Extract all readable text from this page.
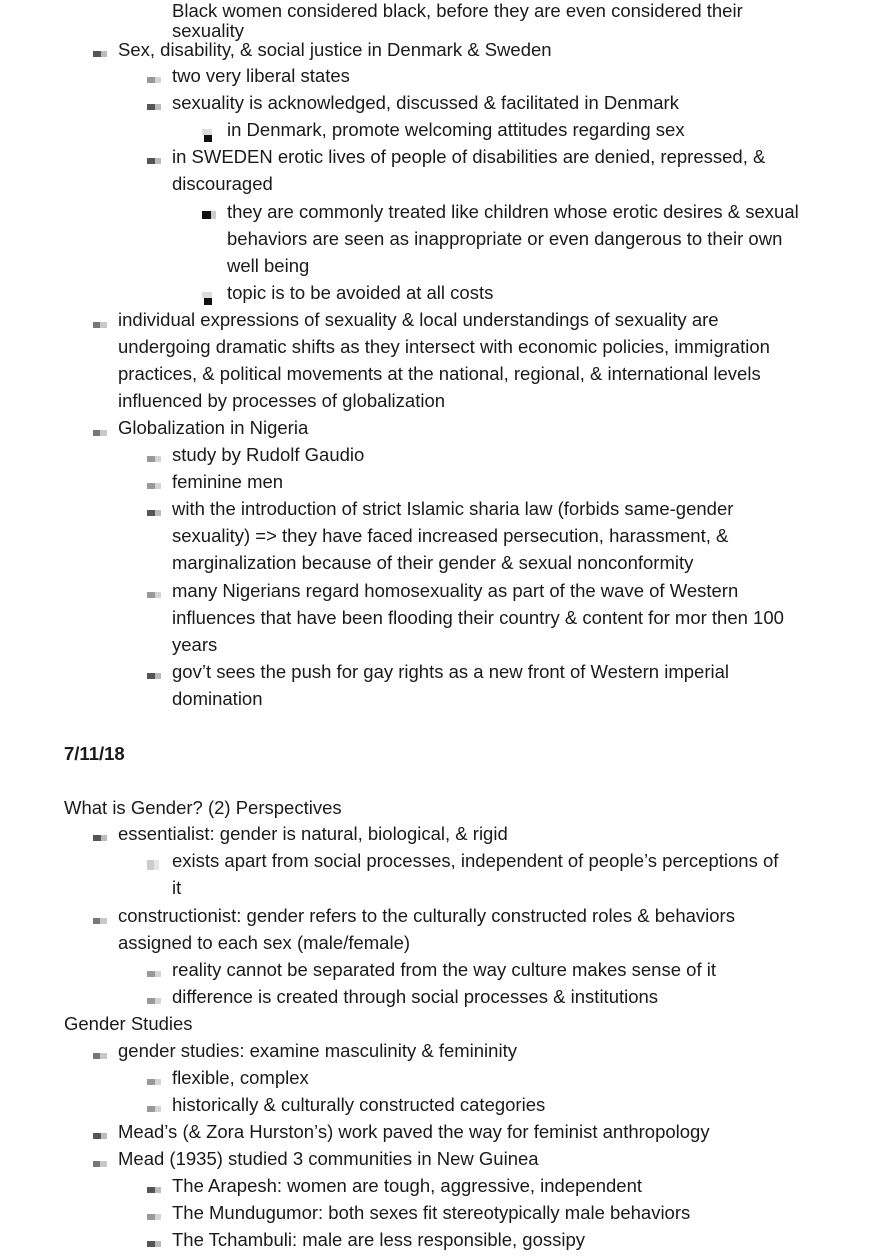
Black women considered black, before they are even considered their
sexuality
Sex, disability, & social justice in Denmark & Sweden
two very liberal states
sexuality is acknowledged, discussed & facilitated in Denmark
in Denmark, promote welcoming attitudes regarding sex
in SWEDEN erotic lives of people of disabilities are denied, repressed, &
discouraged
they are commonly treated like children whose erotic desires & sexual
behaviors are seen as inappropriate or even dangerous to their own
well being
topic is to be avoided at all costs
individual expressions of sexuality & local understandings of sexuality are
undergoing dramatic shifts as they intersect with economic policies, immigration
practices, & political movements at the national, regional, & international levels
influenced by processes of globalization
Globalization in Nigeria
study by Rudolf Gaudio
feminine men
with the introduction of strict Islamic sharia law (forbids same-gender
sexuality) => they have faced increased persecution, harassment, &
marginalization because of their gender & sexual nonconformity
many Nigerians regard homosexuality as part of the wave of Western
influences that have been flooding their country & content for mor then 100
years
gov’t sees the push for gay rights as a new front of Western imperial
domination
7/11/18
What is Gender? (2) Perspectives
essentialist: gender is natural, biological, & rigid
exists apart from social processes, independent of people’s perceptions of
it
constructionist: gender refers to the culturally constructed roles & behaviors
assigned to each sex (male/female)
reality cannot be separated from the way culture makes sense of it
difference is created through social processes & institutions
Gender Studies
gender studies: examine masculinity & femininity
flexible, complex
historically & culturally constructed categories
Mead’s (& Zora Hurston’s) work paved the way for feminist anthropology
Mead (1935) studied 3 communities in New Guinea
The Arapesh: women are tough, aggressive, independent
The Mundugumor: both sexes fit stereotypically male behaviors
The Tchambuli: male are less responsible, gossipy
